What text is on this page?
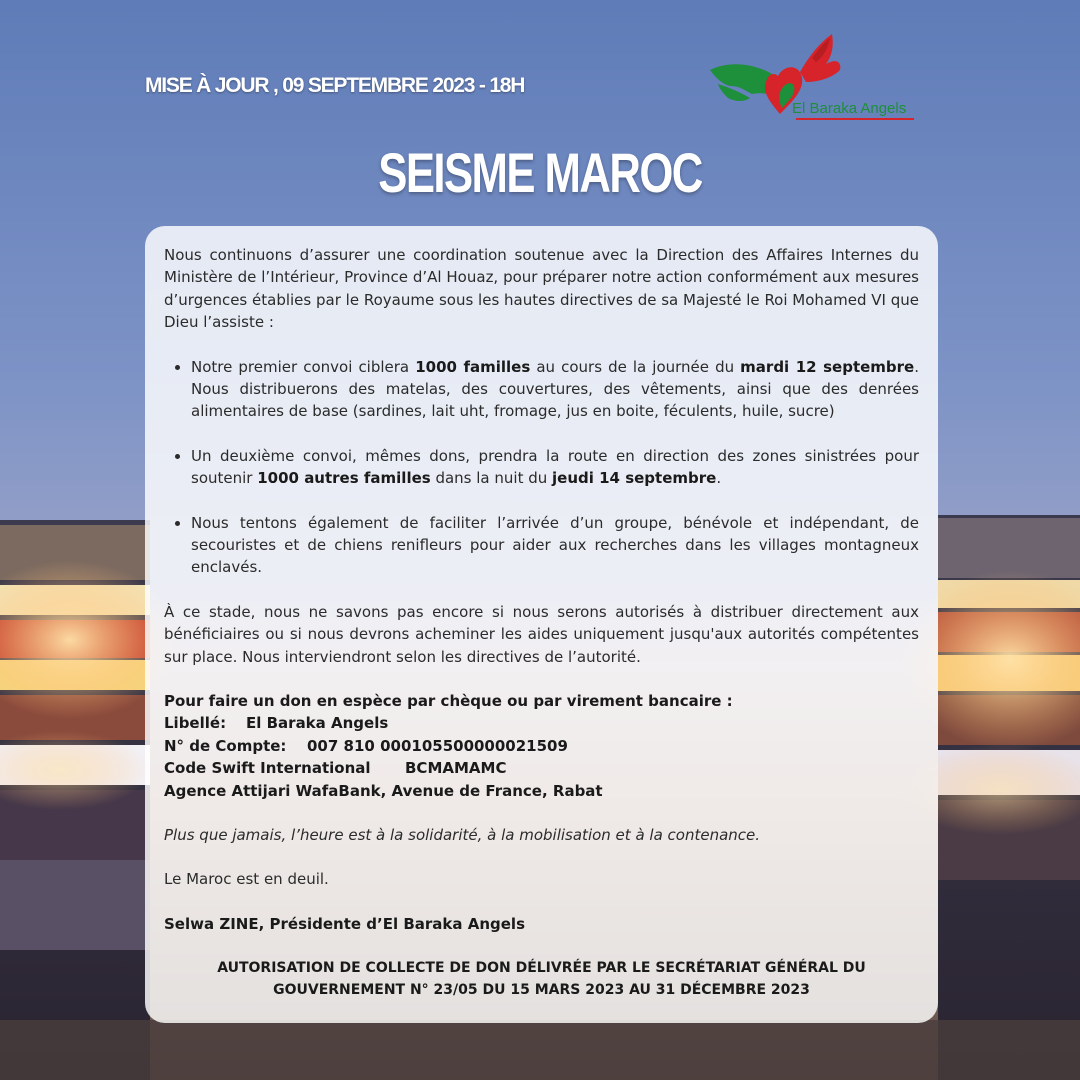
MISE À JOUR , 09 SEPTEMBRE 2023 - 18H
El Baraka Angels
SEISME MAROC

Nous continuons d’assurer une coordination soutenue avec la Direction des Affaires Internes du Ministère de l’Intérieur, Province d’Al Houaz, pour préparer notre action conformément aux mesures d’urgences établies par le Royaume sous les hautes directives de sa Majesté le Roi Mohamed VI que Dieu l’assiste :

• Notre premier convoi ciblera 1000 familles au cours de la journée du mardi 12 septembre. Nous distribuerons des matelas, des couvertures, des vêtements, ainsi que des denrées alimentaires de base (sardines, lait uht, fromage, jus en boite, féculents, huile, sucre)
• Un deuxième convoi, mêmes dons, prendra la route en direction des zones sinistrées pour soutenir 1000 autres familles dans la nuit du jeudi 14 septembre.
• Nous tentons également de faciliter l’arrivée d’un groupe, bénévole et indépendant, de secouristes et de chiens renifleurs pour aider aux recherches dans les villages montagneux enclavés.

À ce stade, nous ne savons pas encore si nous serons autorisés à distribuer directement aux bénéficiaires ou si nous devrons acheminer les aides uniquement jusqu'aux autorités compétentes sur place. Nous interviendront selon les directives de l’autorité.

Pour faire un don en espèce par chèque ou par virement bancaire :
Libellé: El Baraka Angels
N° de Compte: 007 810 000105500000021509
Code Swift International BCMAMAMC
Agence Attijari WafaBank, Avenue de France, Rabat

Plus que jamais, l’heure est à la solidarité, à la mobilisation et à la contenance.

Le Maroc est en deuil.

Selwa ZINE, Présidente d’El Baraka Angels

AUTORISATION DE COLLECTE DE DON DÉLIVRÉE PAR LE SECRÉTARIAT GÉNÉRAL DU
GOUVERNEMENT N° 23/05 DU 15 MARS 2023 AU 31 DÉCEMBRE 2023
